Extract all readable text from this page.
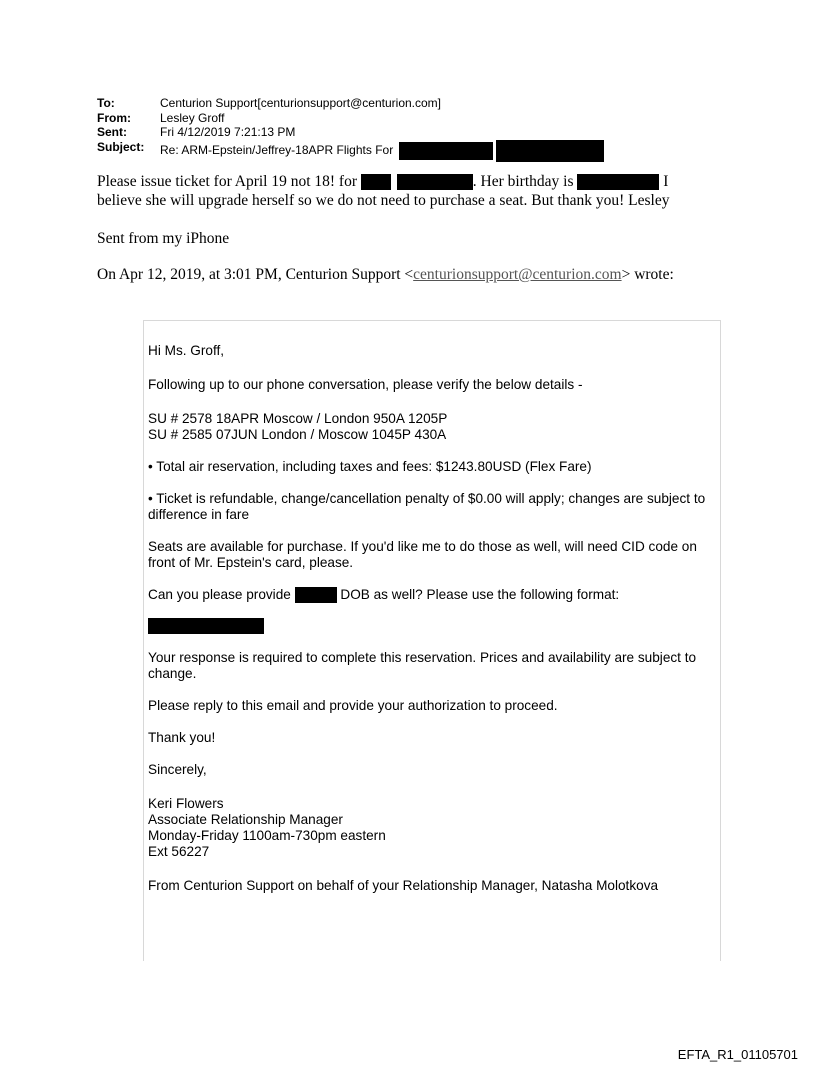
To:	Centurion Support[centurionsupport@centurion.com]
From:	Lesley Groff
Sent:	Fri 4/12/2019 7:21:13 PM
Subject:	Re: ARM-Epstein/Jeffrey-18APR Flights For
Please issue ticket for April 19 not 18! for	. Her birthday is	I
believe she will upgrade herself so we do not need to purchase a seat. But thank you! Lesley
Sent from my iPhone
On Apr 12, 2019, at 3:01 PM, Centurion Support <centurionsupport@centurion.com> wrote:

Hi Ms. Groff,

Following up to our phone conversation, please verify the below details -

SU # 2578 18APR Moscow / London 950A 1205P

SU # 2585 07JUN London / Moscow 1045P 430A

• Total air reservation, including taxes and fees: $1243.80USD (Flex Fare)

• Ticket is refundable, change/cancellation penalty of $0.00 will apply; changes are subject to difference in fare

Seats are available for purchase. If you'd like me to do those as well, will need CID code on front of Mr. Epstein's card, please.

Can you please provide	DOB as well? Please use the following format:

Your response is required to complete this reservation. Prices and availability are subject to change.

Please reply to this email and provide your authorization to proceed.

Thank you!

Sincerely,

Keri Flowers

Associate Relationship Manager

Monday-Friday 1100am-730pm eastern

Ext 56227

From Centurion Support on behalf of your Relationship Manager, Natasha Molotkova

EFTA_R1_01105701
